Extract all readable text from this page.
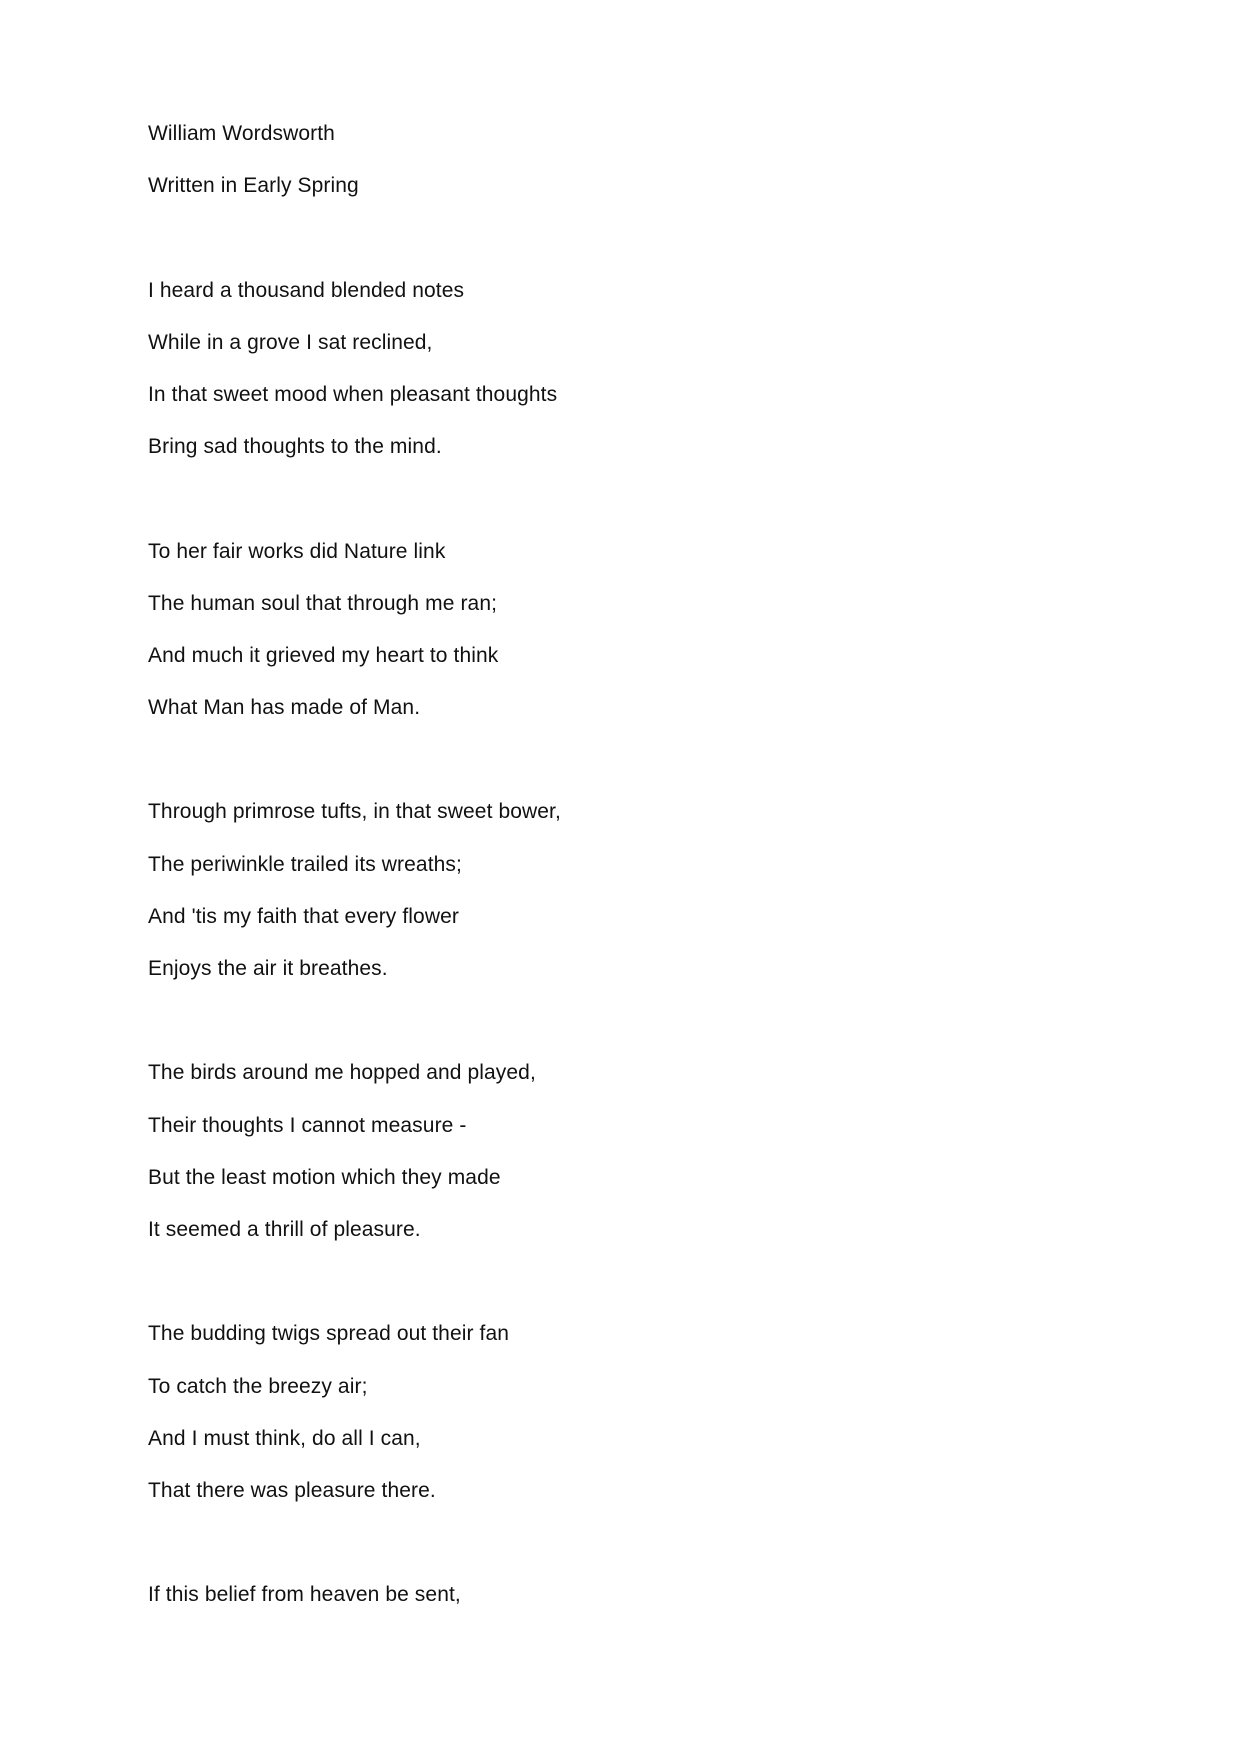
William Wordsworth
Written in Early Spring
I heard a thousand blended notes
While in a grove I sat reclined,
In that sweet mood when pleasant thoughts
Bring sad thoughts to the mind.
To her fair works did Nature link
The human soul that through me ran;
And much it grieved my heart to think
What Man has made of Man.
Through primrose tufts, in that sweet bower,
The periwinkle trailed its wreaths;
And 'tis my faith that every flower
Enjoys the air it breathes.
The birds around me hopped and played,
Their thoughts I cannot measure -
But the least motion which they made
It seemed a thrill of pleasure.
The budding twigs spread out their fan
To catch the breezy air;
And I must think, do all I can,
That there was pleasure there.
If this belief from heaven be sent,
